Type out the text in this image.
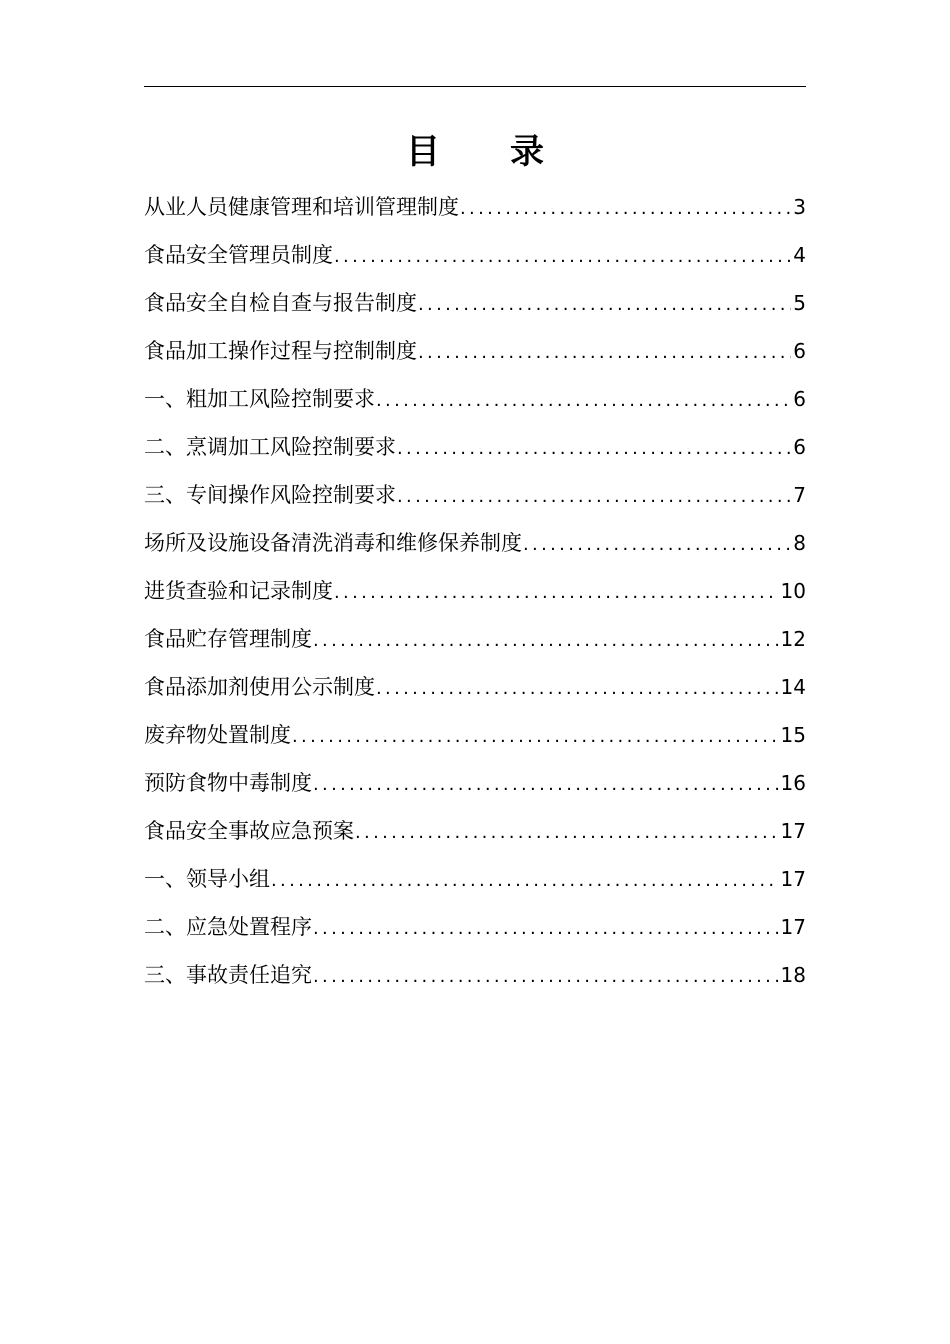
目 录
从业人员健康管理和培训管理制度 . . .	3
食品安全管理员制度 . . .	4
食品安全自检自查与报告制度 . . .	5
食品加工操作过程与控制制度 . . .	6
一、粗加工风险控制要求 . . .	6
二、烹调加工风险控制要求 . . .	6
三、专间操作风险控制要求 . . .	7
场所及设施设备清洗消毒和维修保养制度 . . .	8
进货查验和记录制度 . . .	10
食品贮存管理制度 . . .	12
食品添加剂使用公示制度 . . .	14
废弃物处置制度 . . .	15
预防食物中毒制度 . . .	16
食品安全事故应急预案 . . .	17
一、领导小组 . . .	17
二、应急处置程序 . . .	17
三、事故责任追究 . . .	18
